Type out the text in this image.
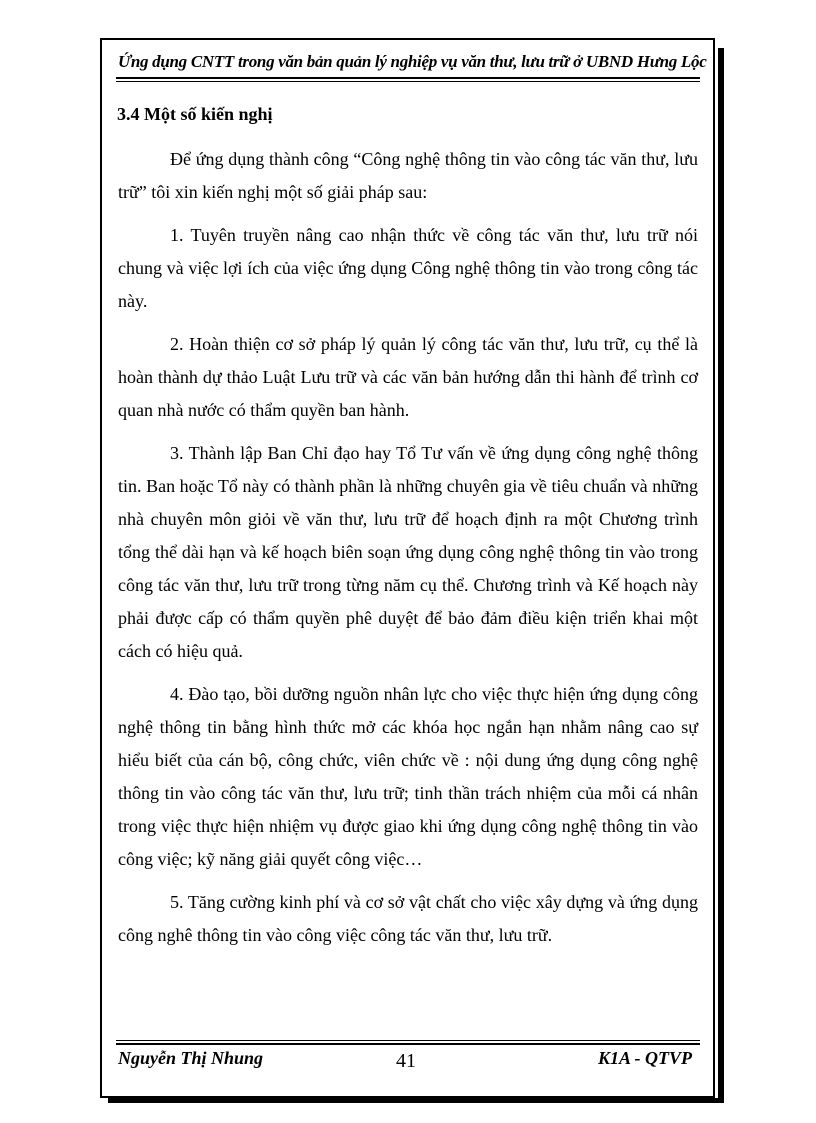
Ứng dụng CNTT trong văn bản quản lý nghiệp vụ văn thư, lưu trữ ở UBND Hưng Lộc
3.4 Một số kiến nghị

Để ứng dụng thành công “Công nghệ thông tin vào công tác văn thư, lưu trữ” tôi xin kiến nghị một số giải pháp sau:

1. Tuyên truyền nâng cao nhận thức về công tác văn thư, lưu trữ nói chung và việc lợi ích của việc ứng dụng Công nghệ thông tin vào trong công tác này.

2. Hoàn thiện cơ sở pháp lý quản lý công tác văn thư, lưu trữ, cụ thể là hoàn thành dự thảo Luật Lưu trữ và các văn bản hướng dẫn thi hành để trình cơ quan nhà nước có thẩm quyền ban hành.

3. Thành lập Ban Chỉ đạo hay Tổ Tư vấn về ứng dụng công nghệ thông tin. Ban hoặc Tổ này có thành phần là những chuyên gia về tiêu chuẩn và những nhà chuyên môn giỏi về văn thư, lưu trữ để hoạch định ra một Chương trình tổng thể dài hạn và kế hoạch biên soạn ứng dụng công nghệ thông tin vào trong công tác văn thư, lưu trữ trong từng năm cụ thể. Chương trình và Kế hoạch này phải được cấp có thẩm quyền phê duyệt để bảo đảm điều kiện triển khai một cách có hiệu quả.

4. Đào tạo, bồi dưỡng nguồn nhân lực cho việc thực hiện ứng dụng công nghệ thông tin bằng hình thức mở các khóa học ngắn hạn nhằm nâng cao sự hiểu biết của cán bộ, công chức, viên chức về : nội dung ứng dụng công nghệ thông tin vào công tác văn thư, lưu trữ; tinh thần trách nhiệm của mỗi cá nhân trong việc thực hiện nhiệm vụ được giao khi ứng dụng công nghệ thông tin vào công việc; kỹ năng giải quyết công việc…

5. Tăng cường kinh phí và cơ sở vật chất cho việc xây dựng và ứng dụng công nghê thông tin vào công việc công tác văn thư, lưu trữ.

Nguyễn Thị Nhung	41	K1A - QTVP
